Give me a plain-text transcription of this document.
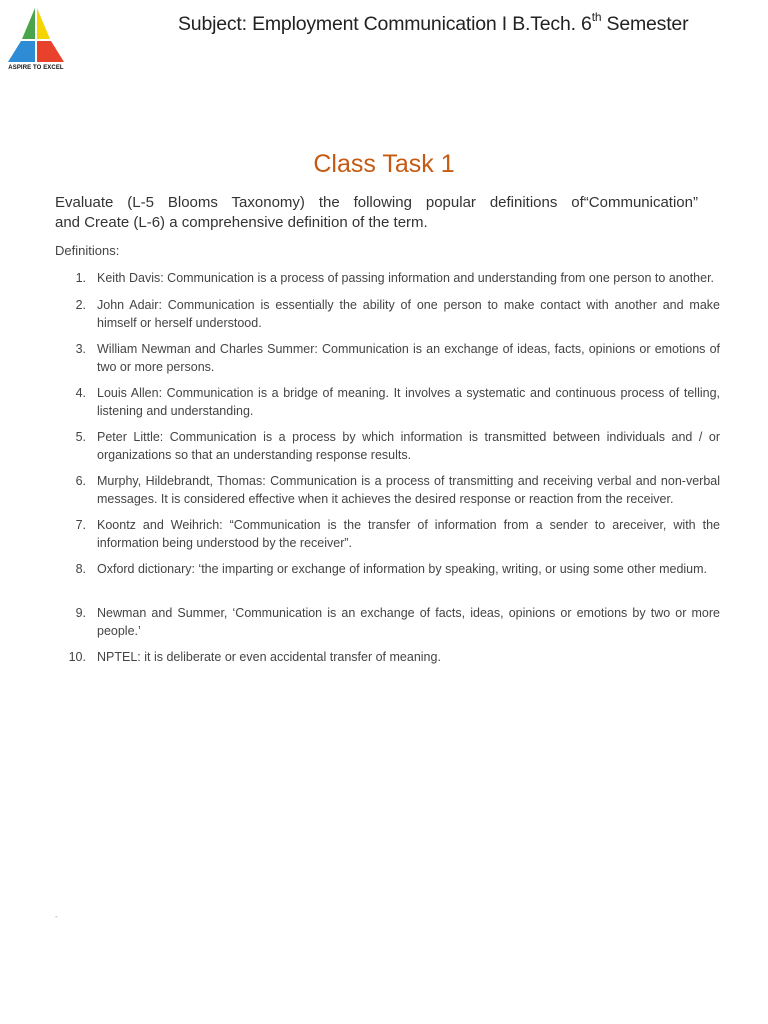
ASPIRE TO EXCEL
Subject: Employment Communication I B.Tech. 6th Semester
Class Task 1
Evaluate (L-5 Blooms Taxonomy) the following popular definitions of“Communication”
and Create (L-6) a comprehensive definition of the term.
Definitions:
1. Keith Davis: Communication is a process of passing information and understanding from one person to another.
2. John Adair: Communication is essentially the ability of one person to make contact with another and make himself or herself understood.
3. William Newman and Charles Summer: Communication is an exchange of ideas, facts, opinions or emotions of two or more persons.
4. Louis Allen: Communication is a bridge of meaning. It involves a systematic and continuous process of telling, listening and understanding.
5. Peter Little: Communication is a process by which information is transmitted between individuals and / or organizations so that an understanding response results.
6. Murphy, Hildebrandt, Thomas: Communication is a process of transmitting and receiving verbal and non-verbal messages. It is considered effective when it achieves the desired response or reaction from the receiver.
7. Koontz and Weihrich: “Communication is the transfer of information from a sender to areceiver, with the information being understood by the receiver”.
8. Oxford dictionary: ‘the imparting or exchange of information by speaking, writing, or using some other medium.
9. Newman and Summer, ‘Communication is an exchange of facts, ideas, opinions or emotions by two or more people.’
10. NPTEL: it is deliberate or even accidental transfer of meaning.
-
